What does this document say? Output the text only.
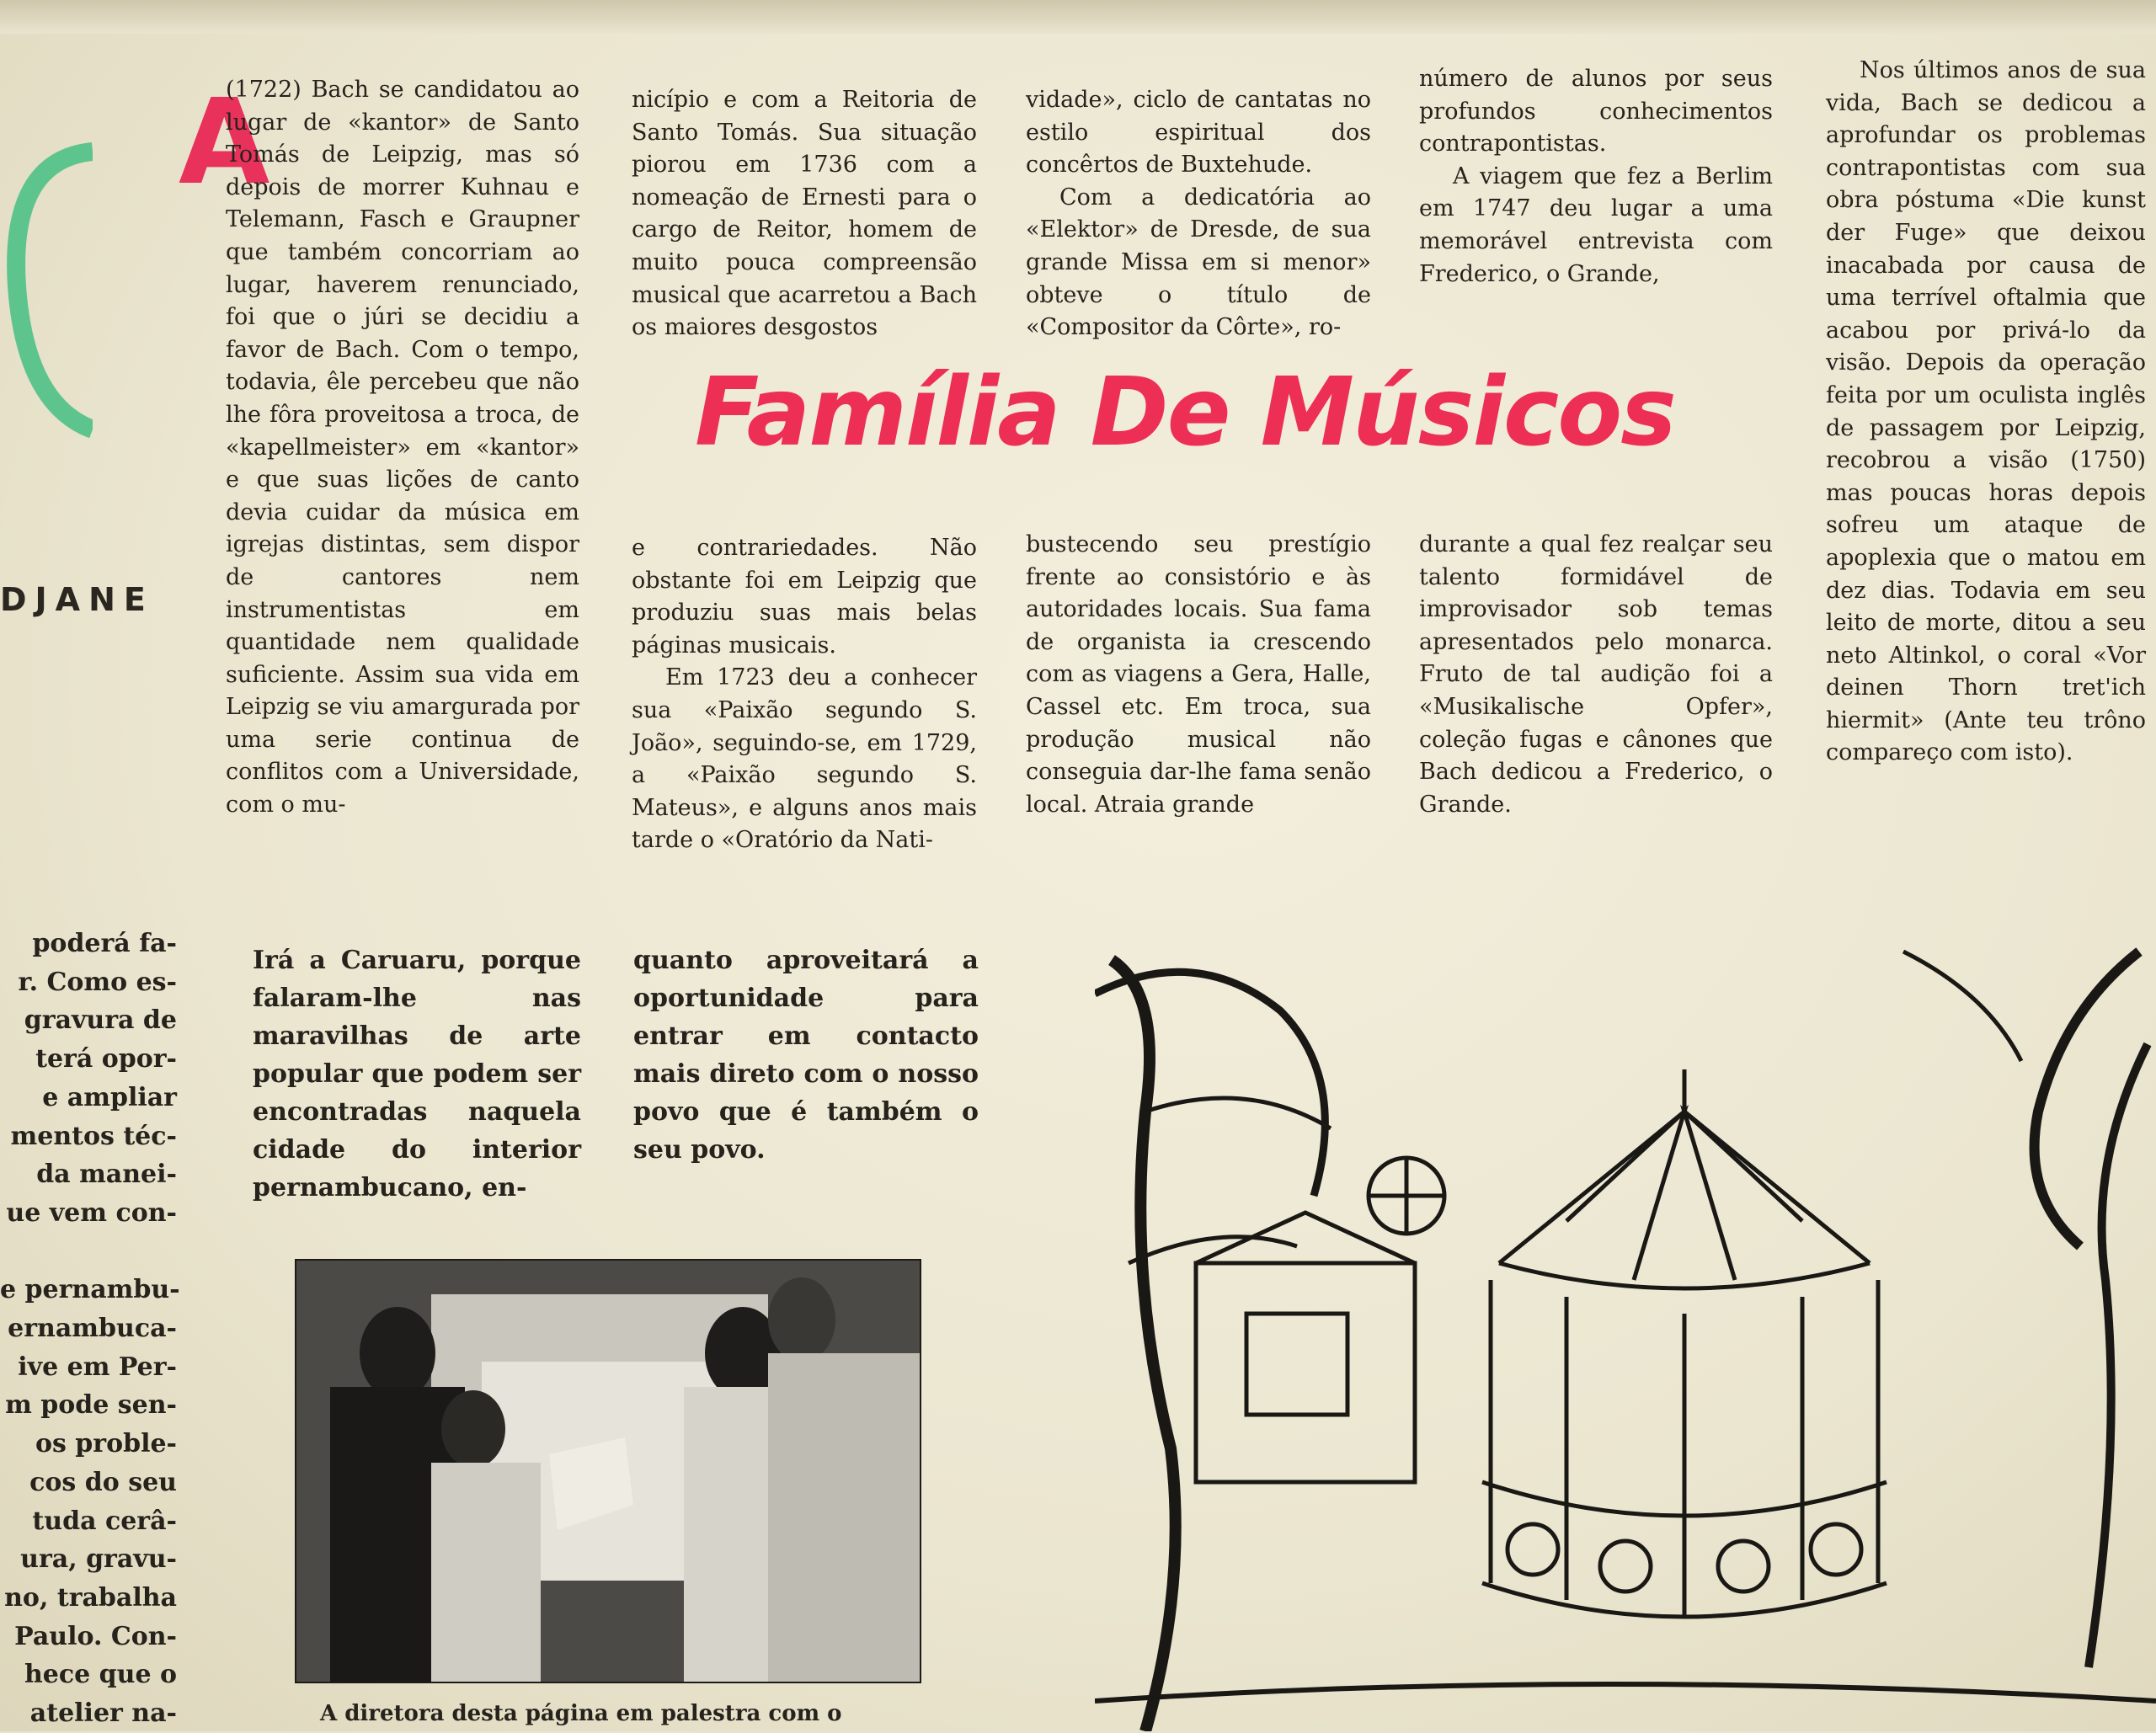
DJANE
A

(1722) Bach se candidatou ao lugar de «kantor» de Santo Tomás de Leipzig, mas só depois de morrer Kuhnau e Telemann, Fasch e Graupner que também concorriam ao lugar, haverem renunciado, foi que o júri se decidiu a favor de Bach. Com o tempo, todavia, êle percebeu que não lhe fôra proveitosa a troca, de «kapellmeister» em «kantor» e que suas lições de canto devia cuidar da música em igrejas distintas, sem dispor de cantores nem instrumentistas em quantidade nem qualidade suficiente. Assim sua vida em Leipzig se viu amargurada por uma serie continua de conflitos com a Universidade, com o mu-

nicípio e com a Reitoria de Santo Tomás. Sua situação piorou em 1736 com a nomeação de Ernesti para o cargo de Reitor, homem de muito pouca compreensão musical que acarretou a Bach os maiores desgostos

vidade», ciclo de cantatas no estilo espiritual dos concêrtos de Buxtehude.

Com a dedicatória ao «Elektor» de Dresde, de sua grande Missa em si menor» obteve o título de «Compositor da Côrte», ro-

número de alunos por seus profundos conhecimentos contrapontistas.

A viagem que fez a Berlim em 1747 deu lugar a uma memorável entrevista com Frederico, o Grande,

Família De Músicos

e contrariedades. Não obstante foi em Leipzig que produziu suas mais belas páginas musicais.

Em 1723 deu a conhecer sua «Paixão segundo S. João», seguindo-se, em 1729, a «Paixão segundo S. Mateus», e alguns anos mais tarde o «Oratório da Nati-

bustecendo seu prestígio frente ao consistório e às autoridades locais. Sua fama de organista ia crescendo com as viagens a Gera, Halle, Cassel etc. Em troca, sua produção musical não conseguia dar-lhe fama senão local. Atraia grande

durante a qual fez realçar seu talento formidável de improvisador sob temas apresentados pelo monarca. Fruto de tal audição foi a «Musikalische Opfer», coleção fugas e cânones que Bach dedicou a Frederico, o Grande.

Nos últimos anos de sua vida, Bach se dedicou a aprofundar os problemas contrapontistas com sua obra póstuma «Die kunst der Fuge» que deixou inacabada por causa de uma terrível oftalmia que acabou por privá-lo da visão. Depois da operação feita por um oculista inglês de passagem por Leipzig, recobrou a visão (1750) mas poucas horas depois sofreu um ataque de apoplexia que o matou em dez dias. Todavia em seu leito de morte, ditou a seu neto Altinkol, o coral «Vor deinen Thorn tret'ich hiermit» (Ante teu trôno compareço com isto).

poderá fa-

r. Como es-

gravura de

terá opor-

e ampliar

mentos téc-

da manei-

ue vem con-

e pernambu-

ernambuca-

ive em Per-

m pode sen-

os proble-

cos do seu

tuda cerâ-

ura, gravu-

no, trabalha

Paulo. Con-

hece que o

atelier na-

Irá a Caruaru, porque falaram-lhe nas maravilhas de arte popular que podem ser encontradas naquela cidade do interior pernambucano, en-

quanto aproveitará a oportunidade para entrar em contacto mais direto com o nosso povo que é também o seu povo.

A diretora desta página em palestra com o
